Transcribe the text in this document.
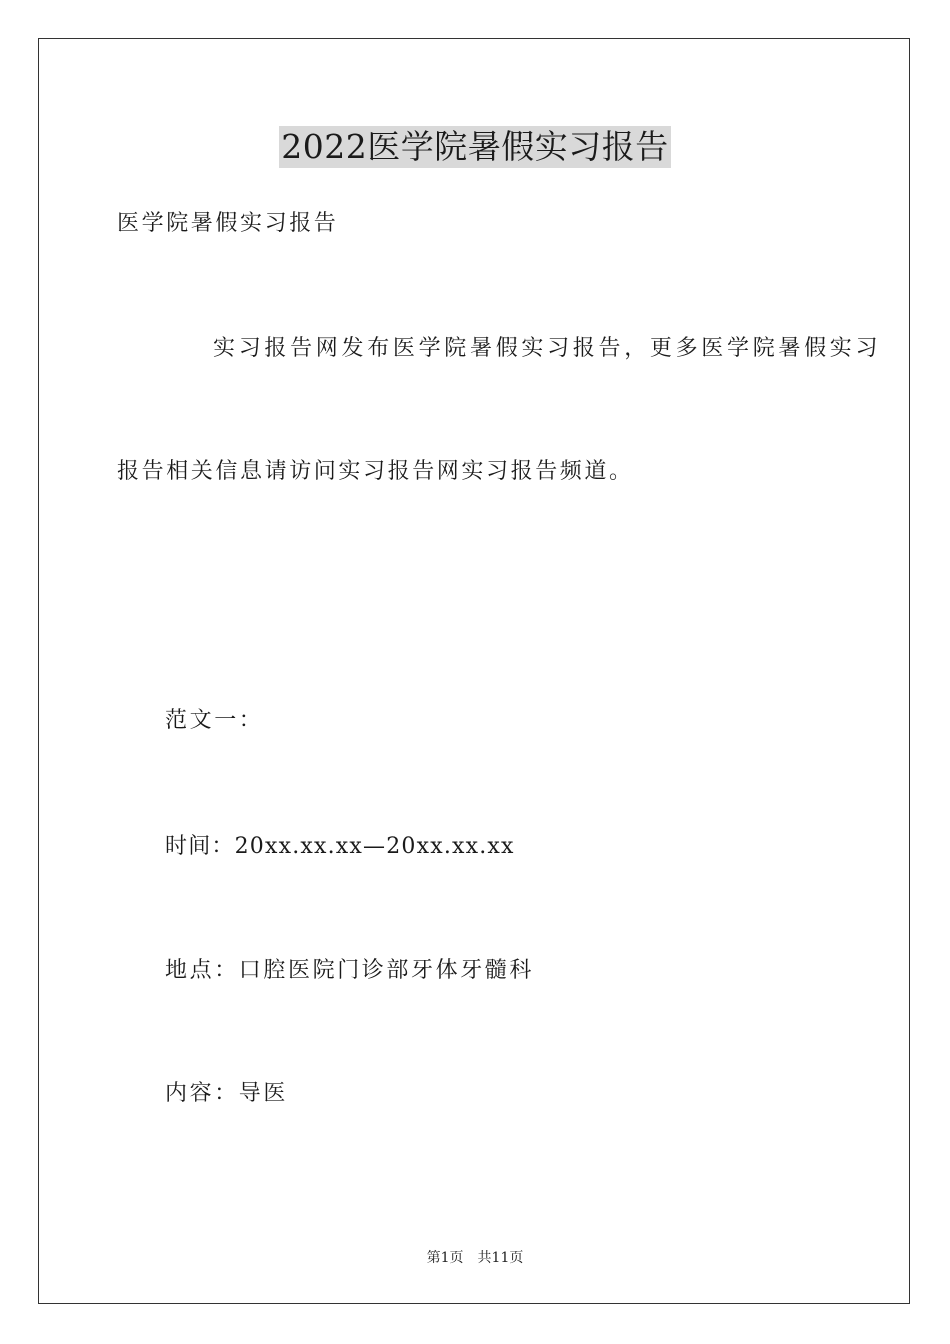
2022医学院暑假实习报告

医学院暑假实习报告

实习报告网发布医学院暑假实习报告，更多医学院暑假实习

报告相关信息请访问实习报告网实习报告频道。

范文一：

时间：20xx.xx.xx—20xx.xx.xx

地点：口腔医院门诊部牙体牙髓科

内容：导医

第1页 共11页
